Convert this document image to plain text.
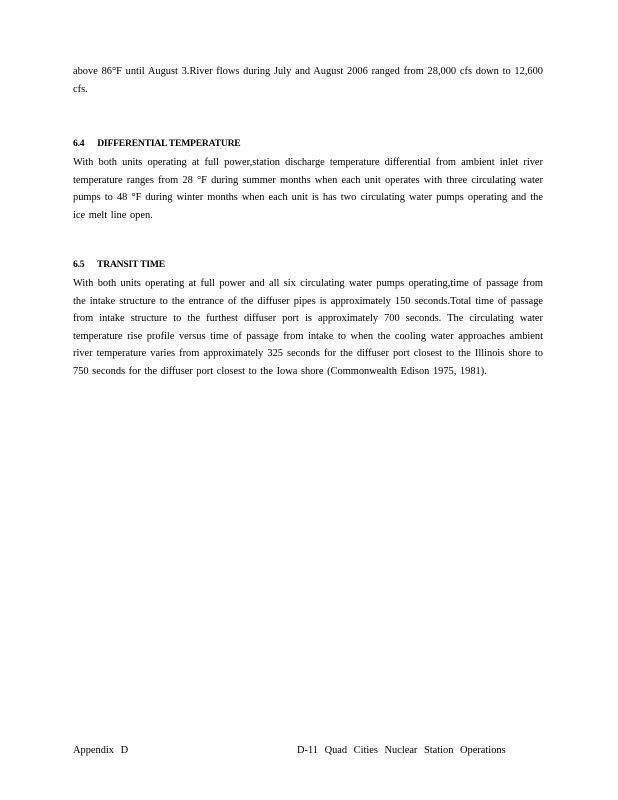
above 86°F until August 3.River flows during July and August 2006 ranged from 28,000 cfs down to 12,600 cfs.

6.4 DIFFERENTIAL TEMPERATURE

With both units operating at full power,station discharge temperature differential from ambient inlet river temperature ranges from 28 °F during summer months when each unit operates with three circulating water pumps to 48 °F during winter months when each unit is has two circulating water pumps operating and the ice melt line open.

6.5 TRANSIT TIME

With both units operating at full power and all six circulating water pumps operating,time of passage from the intake structure to the entrance of the diffuser pipes is approximately 150 seconds.Total time of passage from intake structure to the furthest diffuser port is approximately 700 seconds. The circulating water temperature rise profile versus time of passage from intake to when the cooling water approaches ambient river temperature varies from approximately 325 seconds for the diffuser port closest to the Illinois shore to 750 seconds for the diffuser port closest to the Iowa shore (Commonwealth Edison 1975, 1981).

Appendix D	D-11 Quad Cities Nuclear Station Operations
